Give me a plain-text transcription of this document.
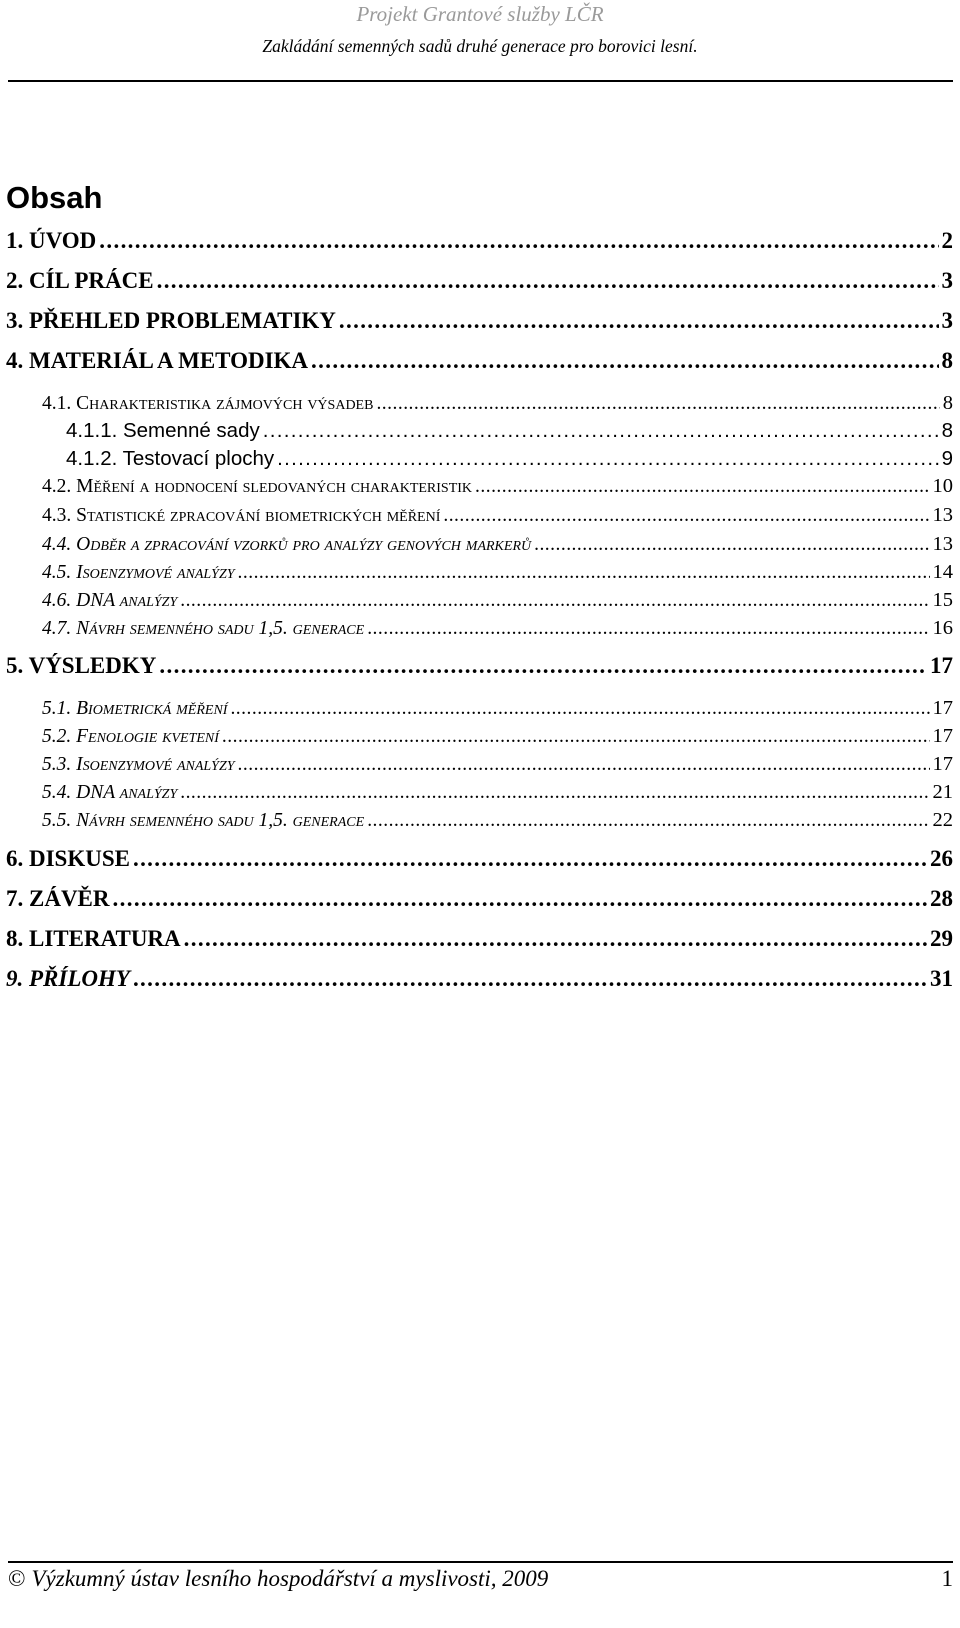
Projekt Grantové služby LČR
Zakládání semenných sadů druhé generace pro borovici lesní.
Obsah
1. ÚVOD . . .	2
2. CÍL PRÁCE . . .	3
3. PŘEHLED PROBLEMATIKY . . .	3
4. MATERIÁL A METODIKA . . .	8
4.1. Charakteristika zájmových výsadeb . . .	8
4.1.1. Semenné sady . . .	8
4.1.2. Testovací plochy . . .	9
4.2. Měření a hodnocení sledovaných charakteristik . . .	10
4.3. Statistické zpracování biometrických měření . . .	13
4.4. Odběr a zpracování vzorků pro analýzy genových markerů . . .	13
4.5. Isoenzymové analýzy . . .	14
4.6. DNA analýzy . . .	15
4.7. Návrh semenného sadu 1,5. generace . . .	16
5. VÝSLEDKY . . .	17
5.1. Biometrická měření . . .	17
5.2. Fenologie kvetení . . .	17
5.3. Isoenzymové analýzy . . .	17
5.4. DNA analýzy . . .	21
5.5. Návrh semenného sadu 1,5. generace . . .	22
6. DISKUSE . . .	26
7. ZÁVĚR . . .	28
8. LITERATURA . . .	29
9. PŘÍLOHY . . .	31
© Výzkumný ústav lesního hospodářství a myslivosti, 2009	1
